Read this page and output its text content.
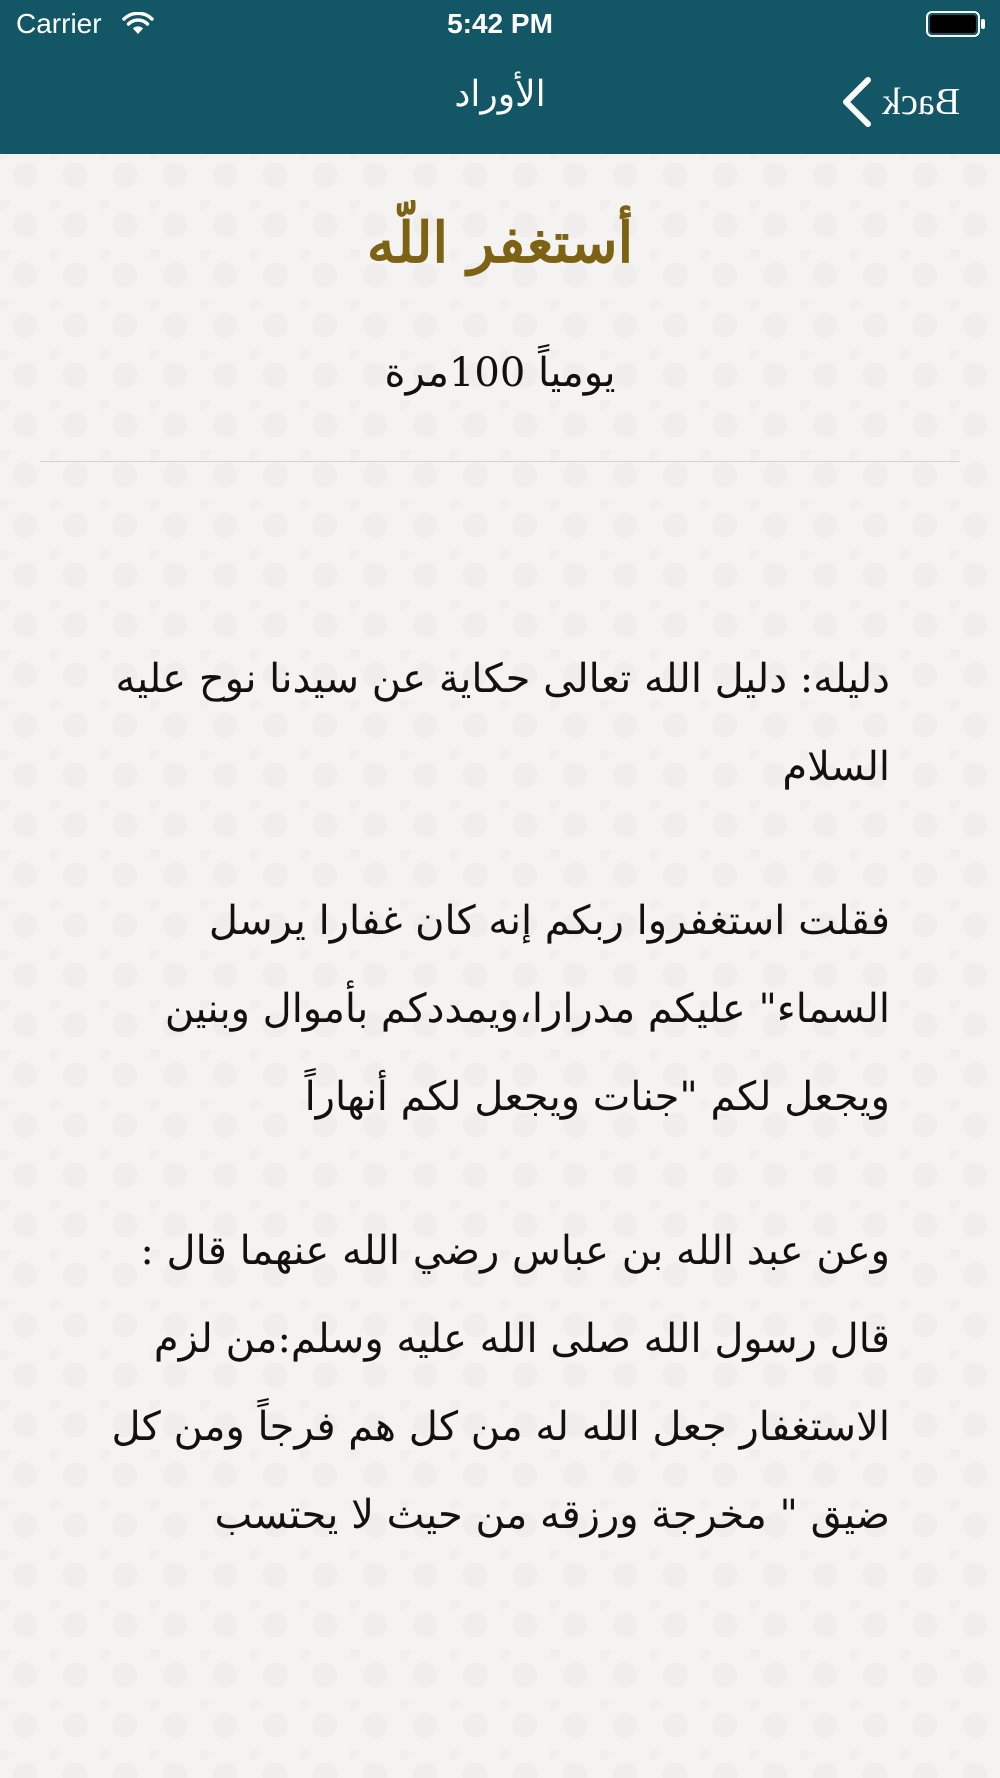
Carrier	5:42 PM
الأوراد	Back
أستغفر اللّه
يومياً 100مرة

دليله: دليل الله تعالى حكاية عن سيدنا نوح عليه السلام

فقلت استغفروا ربكم إنه كان غفارا يرسل السماء" عليكم مدرارا،ويمددكم بأموال وبنين ويجعل لكم "جنات ويجعل لكم أنهاراً

وعن عبد الله بن عباس رضي الله عنهما قال : قال رسول الله صلى الله عليه وسلم:من لزم الاستغفار جعل الله له من كل هم فرجاً ومن كل ضيق " مخرجة ورزقه من حيث لا يحتسب
